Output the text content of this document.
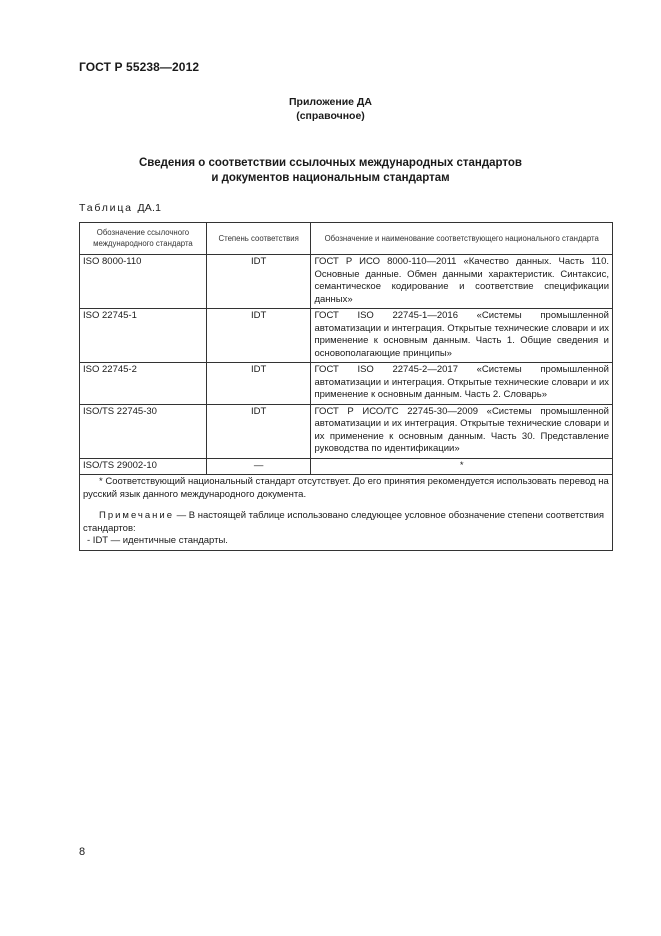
ГОСТ Р 55238—2012
Приложение ДА
(справочное)
Сведения о соответствии ссылочных международных стандартов
и документов национальным стандартам
Таблица ДА.1
Обозначение ссылочного международного стандарта	Степень соответствия	Обозначение и наименование соответствующего национального стандарта
ISO 8000-110	IDT	ГОСТ Р ИСО 8000-110—2011 «Качество данных. Часть 110. Основные данные. Обмен данными характеристик. Синтаксис, семантическое кодирование и соответствие спецификации данных»
ISO 22745-1	IDT	ГОСТ ISO 22745-1—2016 «Системы промышленной автоматизации и интеграция. Открытые технические словари и их применение к основным данным. Часть 1. Общие сведения и основополагающие принципы»
ISO 22745-2	IDT	ГОСТ ISO 22745-2—2017 «Системы промышленной автоматизации и интеграция. Открытые технические словари и их применение к основным данным. Часть 2. Словарь»
ISO/TS 22745-30	IDT	ГОСТ Р ИСО/ТС 22745-30—2009 «Системы промышленной автоматизации и их интеграция. Открытые технические словари и их применение к основным данным. Часть 30. Представление руководства по идентификации»
ISO/TS 29002-10	—	*

* Соответствующий национальный стандарт отсутствует. До его принятия рекомендуется использовать перевод на русский язык данного международного документа.
Примечание — В настоящей таблице использовано следующее условное обозначение степени соответствия стандартов:
- IDT — идентичные стандарты.		
8
